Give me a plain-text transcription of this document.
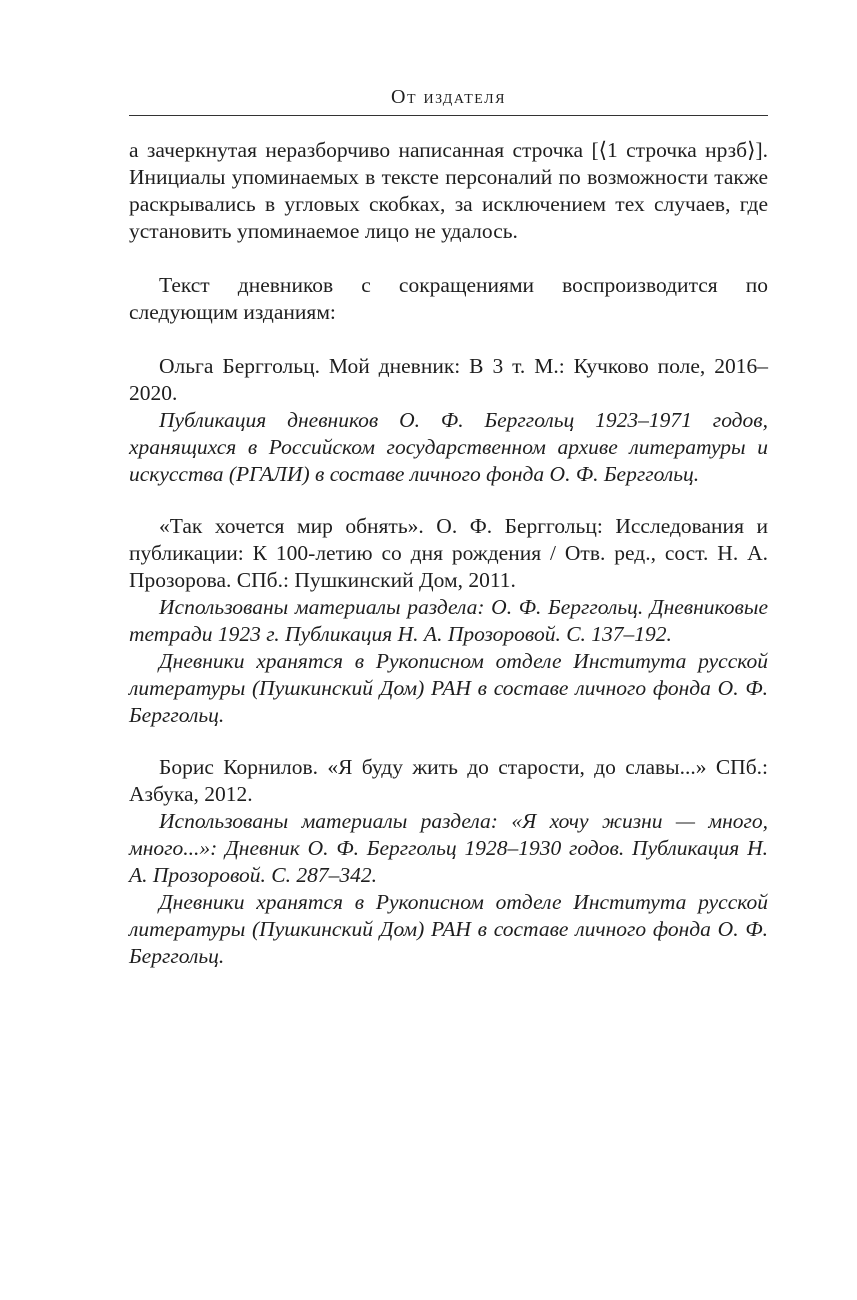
От издателя

а зачеркнутая неразборчиво написанная строчка [⟨1 строчка нрзб⟩]. Инициалы упоминаемых в тексте персоналий по возможности также раскрывались в угловых скобках, за исключением тех случаев, где установить упоминаемое лицо не удалось.

Текст дневников с сокращениями воспроизводится по следующим изданиям:

Ольга Берггольц. Мой дневник: В 3 т. М.: Кучково поле, 2016–2020.

Публикация дневников О. Ф. Берггольц 1923–1971 годов, хранящихся в Российском государственном архиве литературы и искусства (РГАЛИ) в составе личного фонда О. Ф. Берггольц.

«Так хочется мир обнять». О. Ф. Берггольц: Исследования и публикации: К 100-летию со дня рождения / Отв. ред., сост. Н. А. Прозорова. СПб.: Пушкинский Дом, 2011.

Использованы материалы раздела: О. Ф. Берггольц. Дневниковые тетради 1923 г. Публикация Н. А. Прозоровой. С. 137–192.

Дневники хранятся в Рукописном отделе Института русской литературы (Пушкинский Дом) РАН в составе личного фонда О. Ф. Берггольц.

Борис Корнилов. «Я буду жить до старости, до славы...» СПб.: Азбука, 2012.

Использованы материалы раздела: «Я хочу жизни — много, много...»: Дневник О. Ф. Берггольц 1928–1930 годов. Публикация Н. А. Прозоровой. С. 287–342.

Дневники хранятся в Рукописном отделе Института русской литературы (Пушкинский Дом) РАН в составе личного фонда О. Ф. Берггольц.
